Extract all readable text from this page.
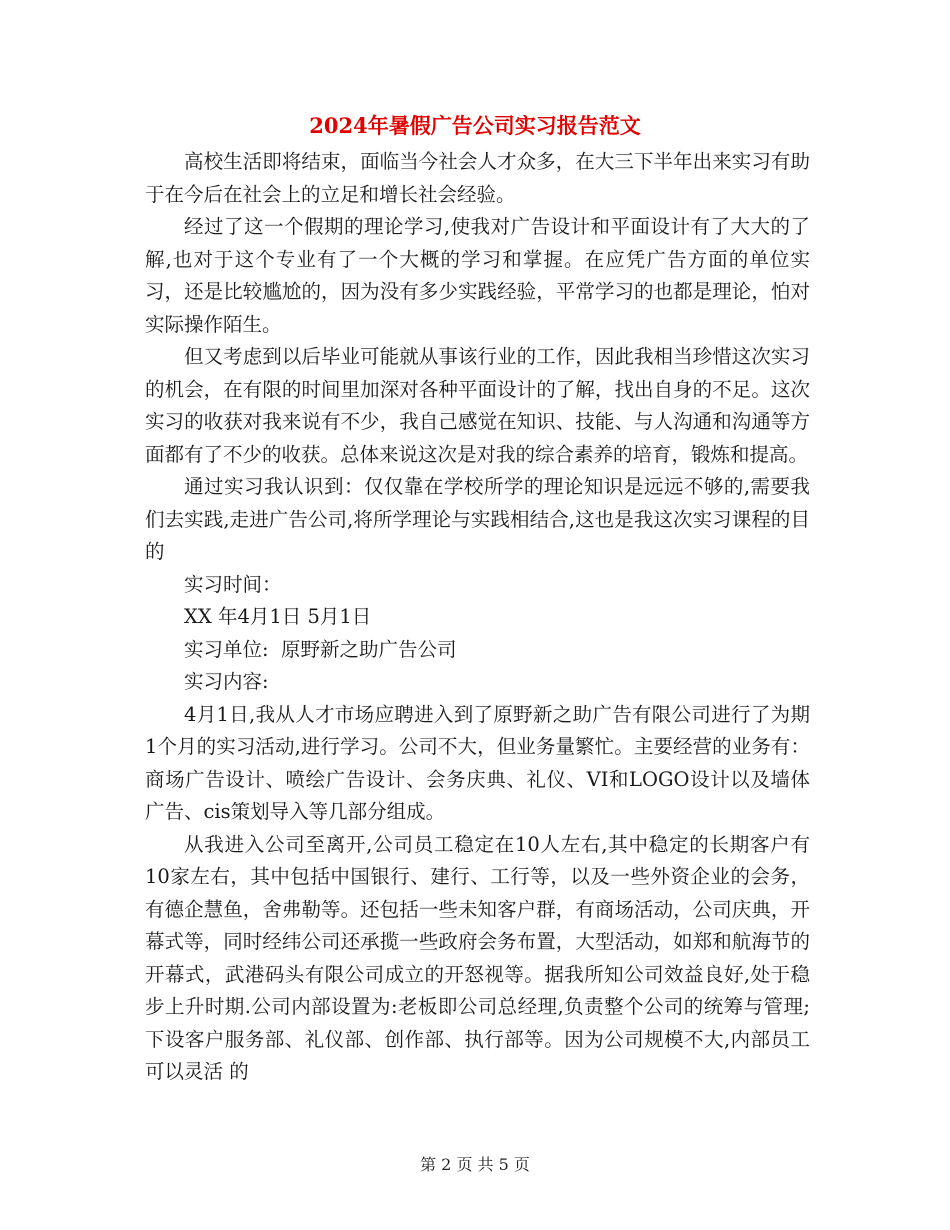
2024年暑假广告公司实习报告范文

高校生活即将结束，面临当今社会人才众多，在大三下半年出来实习有助于在今后在社会上的立足和增长社会经验。

经过了这一个假期的理论学习,使我对广告设计和平面设计有了大大的了解,也对于这个专业有了一个大概的学习和掌握。在应凭广告方面的单位实习，还是比较尴尬的，因为没有多少实践经验，平常学习的也都是理论，怕对实际操作陌生。

但又考虑到以后毕业可能就从事该行业的工作，因此我相当珍惜这次实习的机会，在有限的时间里加深对各种平面设计的了解，找出自身的不足。这次实习的收获对我来说有不少，我自己感觉在知识、技能、与人沟通和沟通等方面都有了不少的收获。总体来说这次是对我的综合素养的培育，锻炼和提高。

通过实习我认识到：仅仅靠在学校所学的理论知识是远远不够的,需要我们去实践,走进广告公司,将所学理论与实践相结合,这也是我这次实习课程的目的

实习时间：

XX 年4月1日 5月1日

实习单位:  原野新之助广告公司

实习内容:

4月1日,我从人才市场应聘进入到了原野新之助广告有限公司进行了为期1个月的实习活动,进行学习。公司不大，但业务量繁忙。主要经营的业务有：商场广告设计、喷绘广告设计、会务庆典、礼仪、VI和LOGO设计以及墙体广告、cis策划导入等几部分组成。

从我进入公司至离开,公司员工稳定在10人左右,其中稳定的长期客户有10家左右，其中包括中国银行、建行、工行等，以及一些外资企业的会务，有德企慧鱼，舍弗勒等。还包括一些未知客户群，有商场活动，公司庆典，开幕式等，同时经纬公司还承揽一些政府会务布置，大型活动，如郑和航海节的开幕式，武港码头有限公司成立的开怒视等。据我所知公司效益良好,处于稳步上升时期.公司内部设置为:老板即公司总经理,负责整个公司的统筹与管理;下设客户服务部、礼仪部、创作部、执行部等。因为公司规模不大,内部员工可以灵活 的

第 2 页 共 5 页
